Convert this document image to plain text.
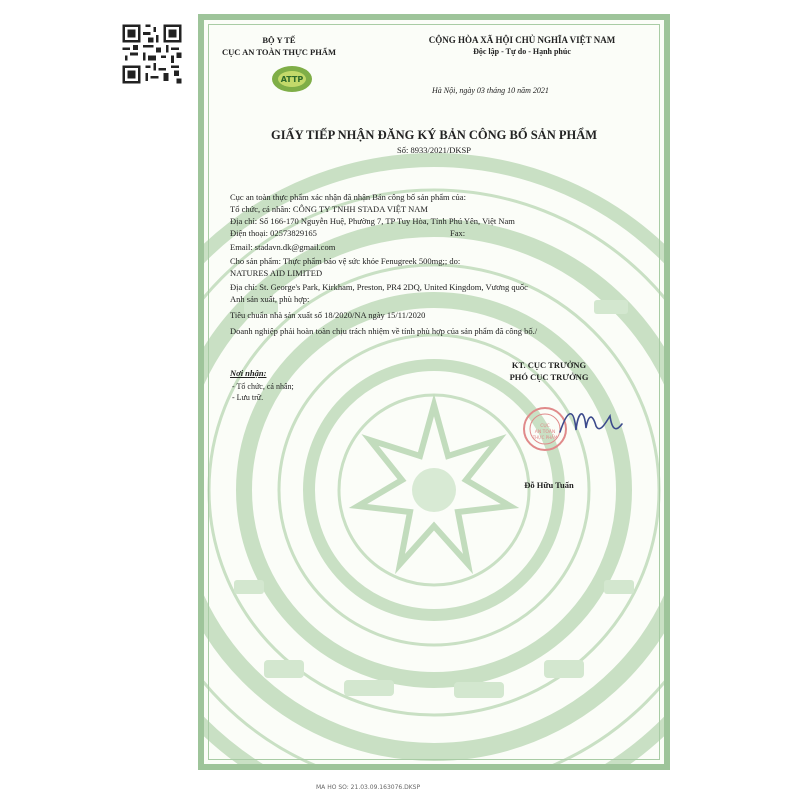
BỘ Y TẾ
CỤC AN TOÀN THỰC PHẨM
ATTP
CỘNG HÒA XÃ HỘI CHỦ NGHĨA VIỆT NAM
Độc lập - Tự do - Hạnh phúc
Hà Nội, ngày 03 tháng 10 năm 2021
GIẤY TIẾP NHẬN ĐĂNG KÝ BẢN CÔNG BỐ SẢN PHẨM
Số: 8933/2021/DKSP
Cục an toàn thực phẩm xác nhận đã nhận Bản công bố sản phẩm của:
Tổ chức, cá nhân: CÔNG TY TNHH STADA VIỆT NAM
Địa chỉ: Số 166-170 Nguyễn Huệ, Phường 7, TP Tuy Hòa, Tỉnh Phú Yên, Việt Nam
Điện thoại: 02573829165	Fax:
Email: stadavn.dk@gmail.com
Cho sản phẩm: Thực phẩm bảo vệ sức khỏe Fenugreek 500mg;; do:
NATURES AID LIMITED
Địa chỉ: St. George's Park, Kirkham, Preston, PR4 2DQ, United Kingdom, Vương quốc
Anh sản xuất, phù hợp:
Tiêu chuẩn nhà sản xuất số 18/2020/NA ngày 15/11/2020
Doanh nghiệp phải hoàn toàn chịu trách nhiệm về tính phù hợp của sản phẩm đã công bố./
Nơi nhận:
- Tổ chức, cá nhân;
- Lưu trữ.
KT. CỤC TRƯỞNG
PHÓ CỤC TRƯỞNG
CỤC
AN TOÀN
THỰC PHẨM
Đỗ Hữu Tuấn
MA HO SO: 21.03.09.163076.DKSP
